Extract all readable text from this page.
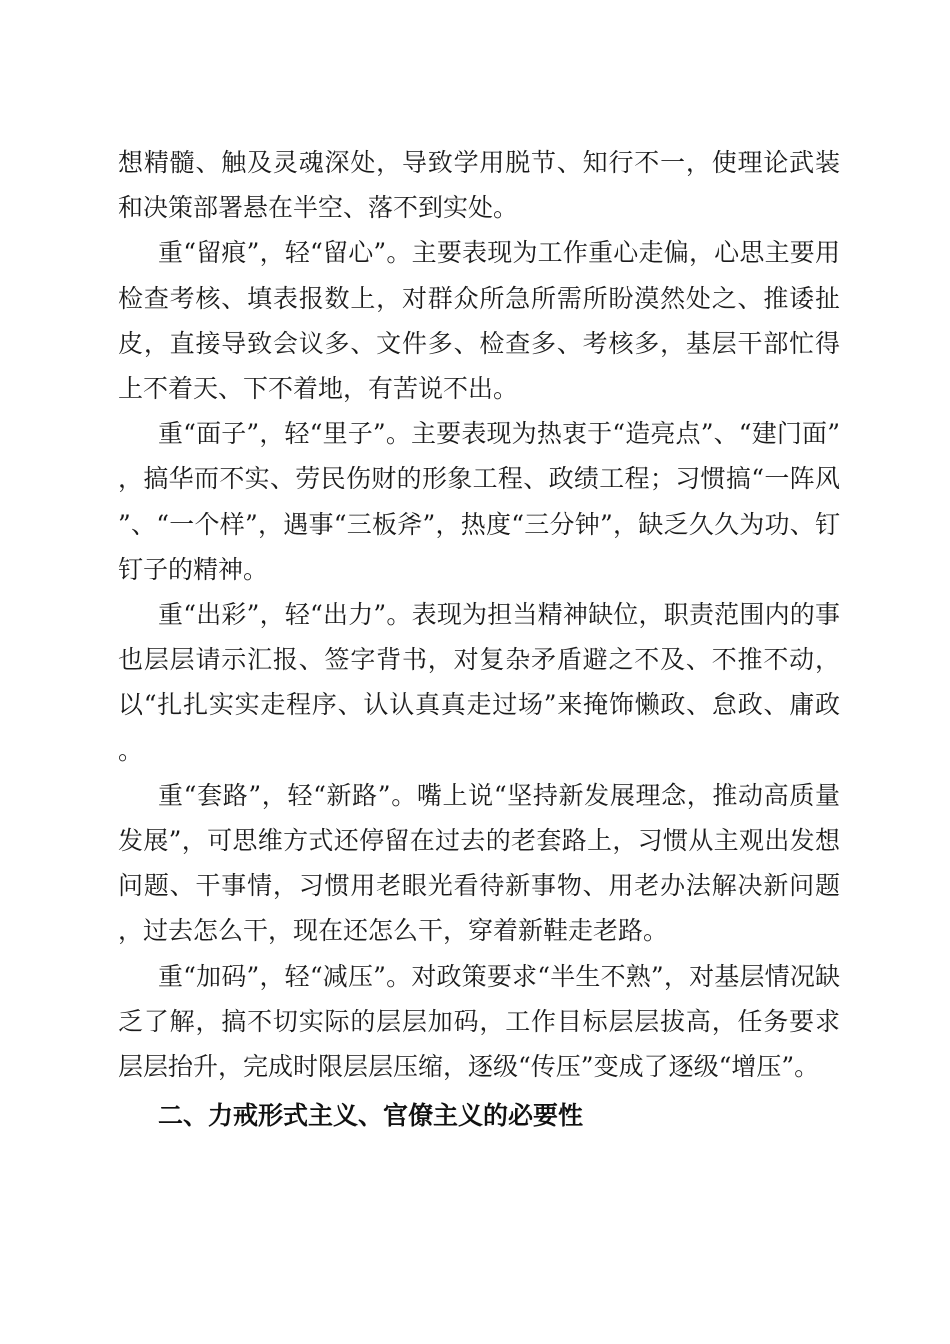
想精髓、触及灵魂深处，导致学用脱节、知行不一，使理论武装和决策部署悬在半空、落不到实处。

重“留痕”，轻“留心”。主要表现为工作重心走偏，心思主要用检查考核、填表报数上，对群众所急所需所盼漠然处之、推诿扯皮，直接导致会议多、文件多、检查多、考核多，基层干部忙得上不着天、下不着地，有苦说不出。

重“面子”，轻“里子”。主要表现为热衷于“造亮点”、“建门面”，搞华而不实、劳民伤财的形象工程、政绩工程；习惯搞“一阵风”、“一个样”，遇事“三板斧”，热度“三分钟”，缺乏久久为功、钉钉子的精神。

重“出彩”，轻“出力”。表现为担当精神缺位，职责范围内的事也层层请示汇报、签字背书，对复杂矛盾避之不及、不推不动，以“扎扎实实走程序、认认真真走过场”来掩饰懒政、怠政、庸政。

重“套路”，轻“新路”。嘴上说“坚持新发展理念，推动高质量发展”，可思维方式还停留在过去的老套路上，习惯从主观出发想问题、干事情，习惯用老眼光看待新事物、用老办法解决新问题，过去怎么干，现在还怎么干，穿着新鞋走老路。

重“加码”，轻“减压”。对政策要求“半生不熟”，对基层情况缺乏了解，搞不切实际的层层加码，工作目标层层拔高，任务要求层层抬升，完成时限层层压缩，逐级“传压”变成了逐级“增压”。

二、力戒形式主义、官僚主义的必要性
